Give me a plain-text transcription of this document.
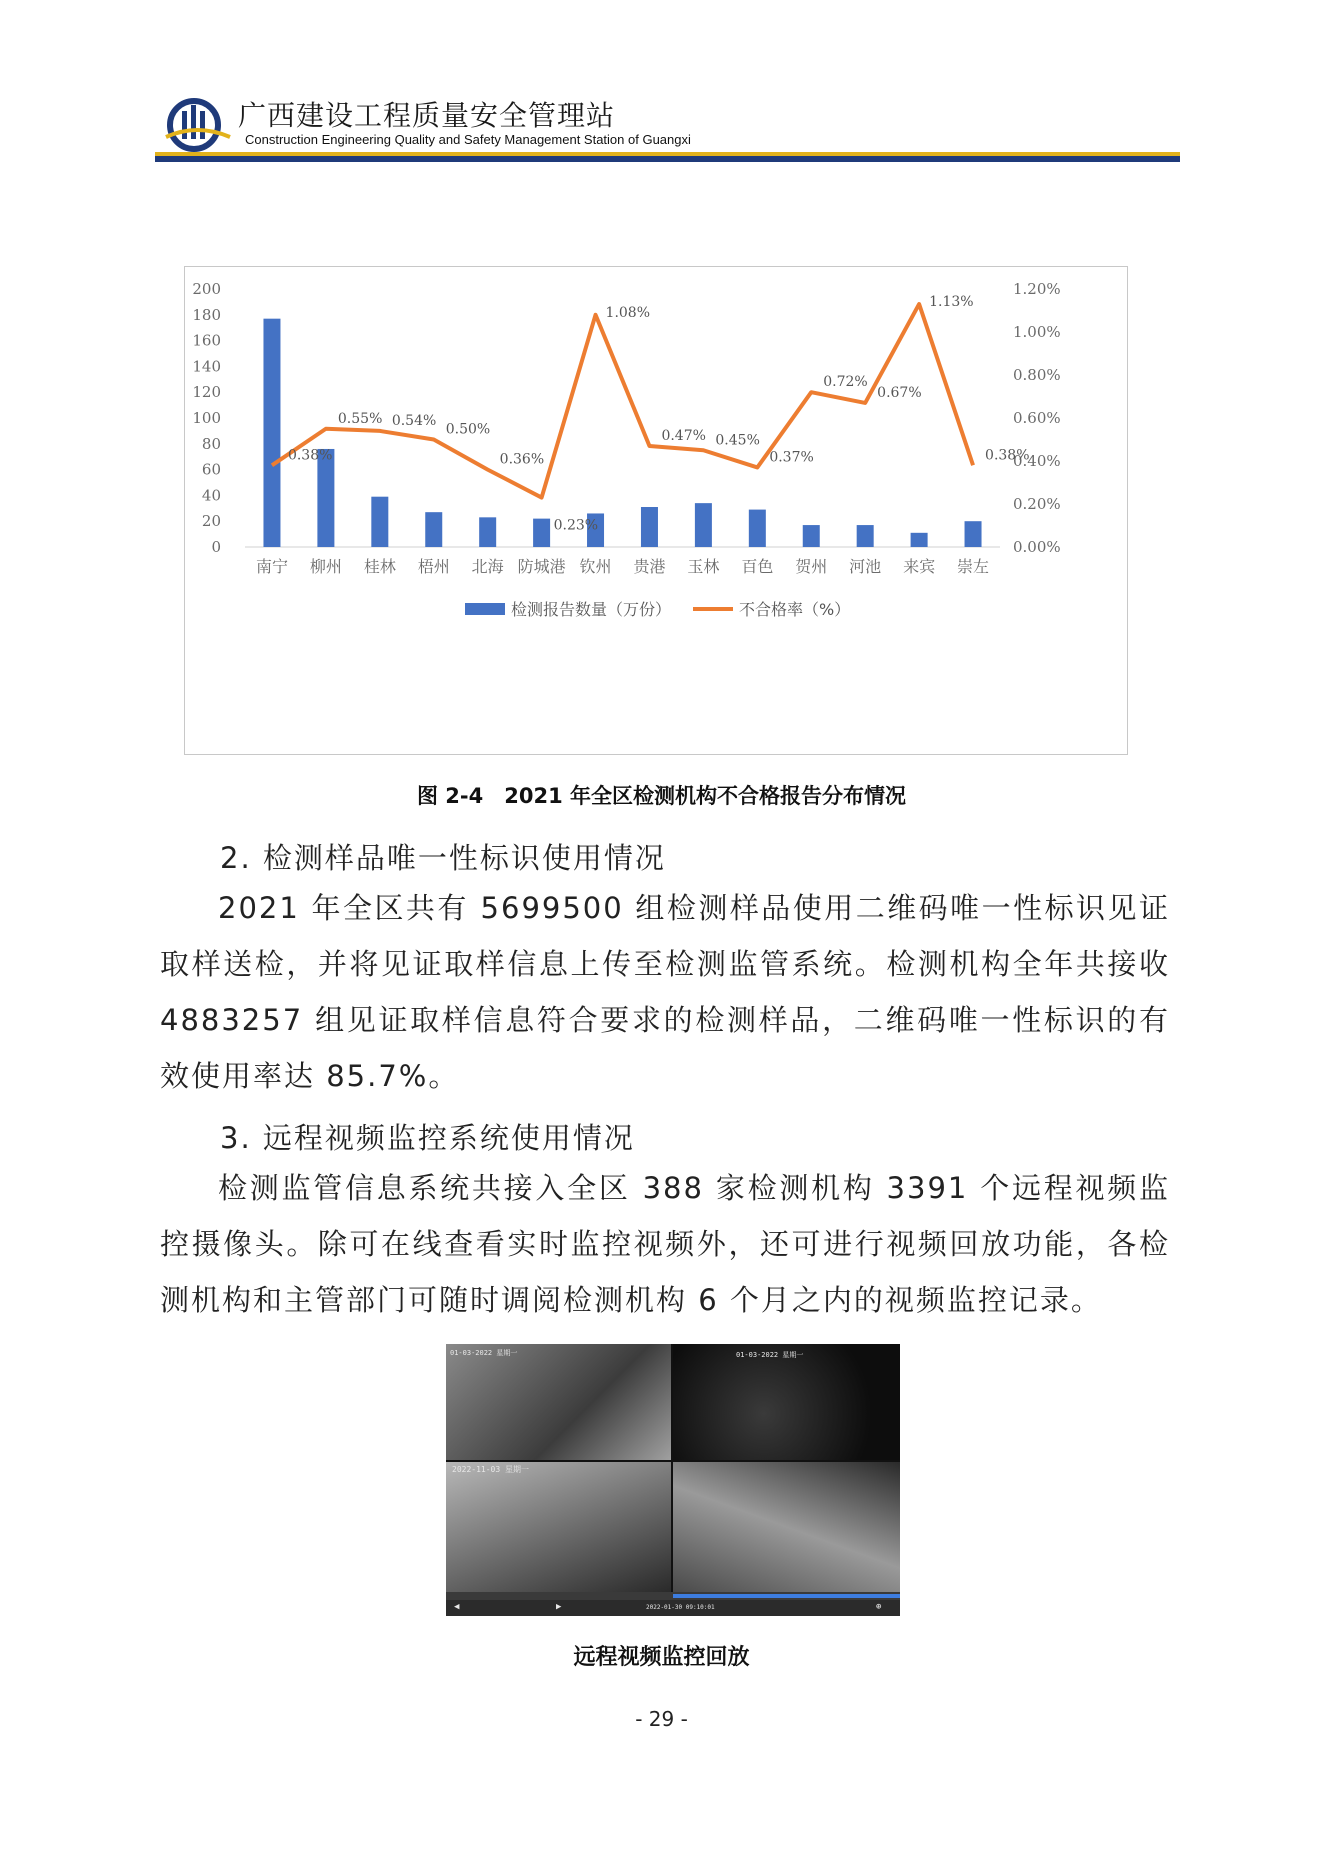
广西建设工程质量安全管理站
Construction Engineering Quality and Safety Management Station of Guangxi
0
20
40
60
80
100
120
140
160
180
200
0.00%
0.20%
0.40%
0.60%
0.80%
1.00%
1.20%
南宁 柳州 桂林 梧州 北海 防城港 钦州 贵港 玉林 百色 贺州 河池 来宾 崇左
0.38%
0.55% 0.54%
0.50%
0.36%
0.23%
1.08%
0.47% 0.45%
0.37%
0.72%
0.67%
1.13%
0.38%
检测报告数量（万份）	不合格率（%）
图 2-4　2021 年全区检测机构不合格报告分布情况
2. 检测样品唯一性标识使用情况
2021 年全区共有 5699500 组检测样品使用二维码唯一性标识见证取样送检，并将见证取样信息上传至检测监管系统。检测机构全年共接收 4883257 组见证取样信息符合要求的检测样品，二维码唯一性标识的有效使用率达 85.7%。
3. 远程视频监控系统使用情况
检测监管信息系统共接入全区 388 家检测机构 3391 个远程视频监控摄像头。除可在线查看实时监控视频外，还可进行视频回放功能，各检测机构和主管部门可随时调阅检测机构 6 个月之内的视频监控记录。
01-03-2022 星期一	01-03-2022 星期一
2022-11-03 星期一
2022-01-30 09:10:01
◀	▶	⊕
远程视频监控回放
- 29 -
